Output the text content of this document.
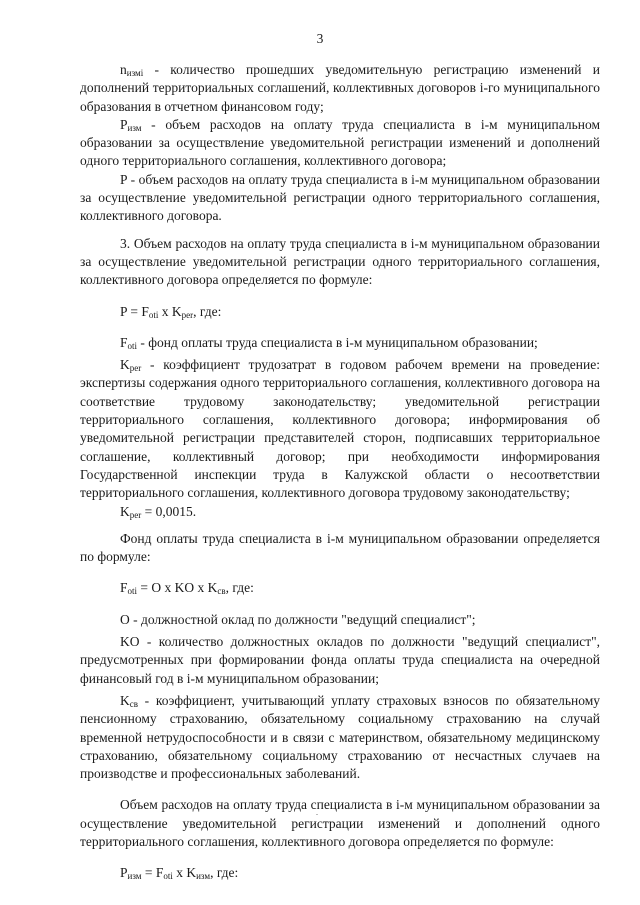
3

$n_{измi}$ - количество прошедших уведомительную регистрацию изменений и дополнений территориальных соглашений, коллективных договоров i-го муниципального образования в отчетном финансовом году;

$P_{изм}$ - объем расходов на оплату труда специалиста в i-м муниципальном образовании за осуществление уведомительной регистрации изменений и дополнений одного территориального соглашения, коллективного договора;

P - объем расходов на оплату труда специалиста в i-м муниципальном образовании за осуществление уведомительной регистрации одного территориального соглашения, коллективного договора.

3. Объем расходов на оплату труда специалиста в i-м муниципальном образовании за осуществление уведомительной регистрации одного территориального соглашения, коллективного договора определяется по формуле:

$P = F_{oti}$ x $K_{per}$, где:

$F_{oti}$ - фонд оплаты труда специалиста в i-м муниципальном образовании;

$K_{per}$ - коэффициент трудозатрат в годовом рабочем времени на проведение: экспертизы содержания одного территориального соглашения, коллективного договора на соответствие трудовому законодательству; уведомительной регистрации территориального соглашения, коллективного договора; информирования об уведомительной регистрации представителей сторон, подписавших территориальное соглашение, коллективный договор; при необходимости информирования Государственной инспекции труда в Калужской области о несоответствии территориального соглашения, коллективного договора трудовому законодательству;

$K_{per} = 0,0015$.

Фонд оплаты труда специалиста в i-м муниципальном образовании определяется по формуле:

$F_{oti} = O$ x KO x $K_{св}$, где:

O - должностной оклад по должности "ведущий специалист";

KO - количество должностных окладов по должности "ведущий специалист", предусмотренных при формировании фонда оплаты труда специалиста на очередной финансовый год в i-м муниципальном образовании;

$K_{св}$ - коэффициент, учитывающий уплату страховых взносов по обязательному пенсионному страхованию, обязательному социальному страхованию на случай временной нетрудоспособности и в связи с материнством, обязательному медицинскому страхованию, обязательному социальному страхованию от несчастных случаев на производстве и профессиональных заболеваний.

Объем расходов на оплату труда специалиста в i-м муниципальном образовании за осуществление уведомительной регистрации изменений и дополнений одного территориального соглашения, коллективного договора определяется по формуле:

$P_{изм} = F_{oti}$ x $K_{изм}$, где:
